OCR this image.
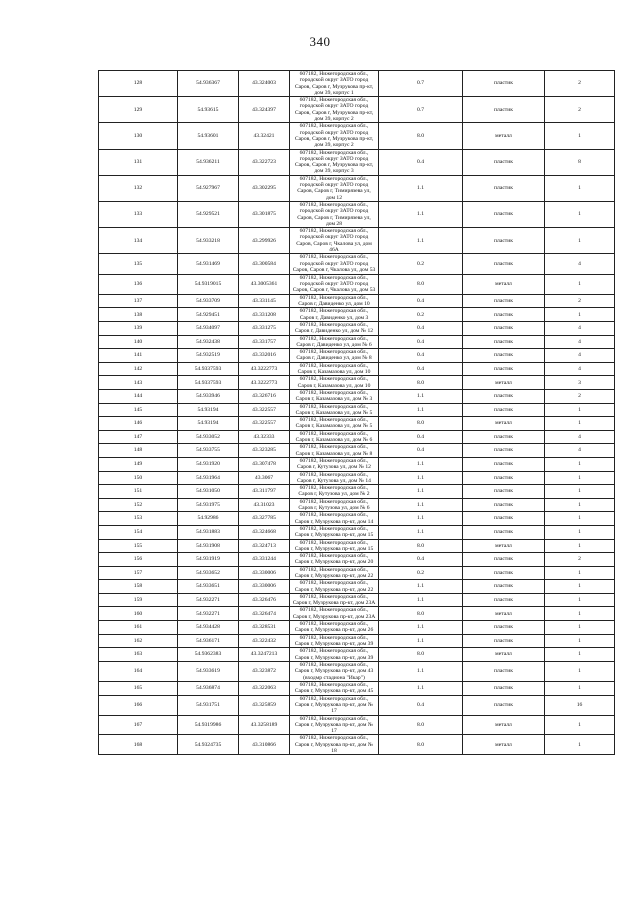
340
128	54.936367	43.324003	607182, Нижегородская обл., городской округ ЗАТО город Саров, Саров г, Музрукова пр-кт, дом 39, корпус 1	0.7	пластик	2
129	54.93615	43.324397	607182, Нижегородская обл., городской округ ЗАТО город Саров, Саров г, Музрукова пр-кт, дом 39, корпус 2	0.7	пластик	2
130	54.93601	43.32421	607182, Нижегородская обл., городской округ ЗАТО город Саров, Саров г, Музрукова пр-кт, дом 39, корпус 2	8.0	металл	1
131	54.936211	43.322723	607182, Нижегородская обл., городской округ ЗАТО город Саров, Саров г, Музрукова пр-кт, дом 39, корпус 3	0.4	пластик	8
132	54.927967	43.302295	607182, Нижегородская обл., городской округ ЗАТО город Саров, Саров г, Тимирязева ул, дом 12	1.1	пластик	1
133	54.929521	43.301875	607182, Нижегородская обл., городской округ ЗАТО город Саров, Саров г, Тимирязева ул, дом 28	1.1	пластик	1
134	54.933218	43.299926	607182, Нижегородская обл., городской округ ЗАТО город Саров, Саров г, Чкалова ул, дом 46А	1.1	пластик	1
135	54.931469	43.300584	607182, Нижегородская обл., городской округ ЗАТО город Саров, Саров г, Чкалова ул, дом 53	0.2	пластик	4
136	54.9319015	43.3005361	607182, Нижегородская обл., городской округ ЗАТО город Саров, Саров г, Чкалова ул, дом 53	8.0	металл	1
137	54.933709	43.331145	607182, Нижегородская обл., Саров г, Давиденко ул, дом 10	0.4	пластик	2
138	54.929451	43.331208	607182, Нижегородская обл., Саров г, Давиденко ул, дом 3	0.2	пластик	1
139	54.934097	43.331275	607182, Нижегородская обл., Саров г, Давиденко ул, дом № 12	0.4	пластик	4
140	54.932438	43.331757	607182, Нижегородская обл., Саров г, Давиденко ул, дом № 6	0.4	пластик	4
141	54.932519	43.332016	607182, Нижегородская обл., Саров г, Давиденко ул, дом № 8	0.4	пластик	4
142	54.9337593	43.3222773	607182, Нижегородская обл., Саров г, Казамазова ул, дом 10	0.4	пластик	4
143	54.9337593	43.3222773	607182, Нижегородская обл., Саров г, Казамазова ул, дом 10	8.0	металл	3
144	54.933946	43.326716	607182, Нижегородская обл., Саров г, Казамазова ул, дом № 3	1.1	пластик	2
145	54.93194	43.322557	607182, Нижегородская обл., Саров г, Казамазова ул, дом № 5	1.1	пластик	1
146	54.93194	43.322557	607182, Нижегородская обл., Саров г, Казамазова ул, дом № 5	8.0	металл	1
147	54.933052	43.32333	607182, Нижегородская обл., Саров г, Казамазова ул, дом № 6	0.4	пластик	4
148	54.933755	43.323285	607182, Нижегородская обл., Саров г, Казамазова ул, дом № 8	0.4	пластик	4
149	54.931920	43.307478	607182, Нижегородская обл., Саров г, Кутузова ул, дом № 12	1.1	пластик	1
150	54.931964	43.3067	607182, Нижегородская обл., Саров г, Кутузова ул, дом № 14	1.1	пластик	1
151	54.931050	43.311797	607182, Нижегородская обл., Саров г, Кутузова ул, дом № 2	1.1	пластик	1
152	54.931975	43.31023	607182, Нижегородская обл., Саров г, Кутузова ул, дом № 6	1.1	пластик	1
153	54.92986	43.327785	607182, Нижегородская обл., Саров г, Музрукова пр-кт, дом 14	1.1	пластик	1
154	54.931883	43.324668	607182, Нижегородская обл., Саров г, Музрукова пр-кт, дом 15	1.1	пластик	1
155	54.931908	43.324713	607182, Нижегородская обл., Саров г, Музрукова пр-кт, дом 15	8.0	металл	1
156	54.931919	43.331244	607182, Нижегородская обл., Саров г, Музрукова пр-кт, дом 20	0.4	пластик	2
157	54.933652	43.330006	607182, Нижегородская обл., Саров г, Музрукова пр-кт, дом 22	0.2	пластик	1
158	54.933651	43.330006	607182, Нижегородская обл., Саров г, Музрукова пр-кт, дом 22	1.1	пластик	1
159	54.932271	43.326476	607182, Нижегородская обл., Саров г, Музрукова пр-кт, дом 23А	1.1	пластик	1
160	54.932271	43.326474	607182, Нижегородская обл., Саров г, Музрукова пр-кт, дом 23А	8.0	металл	1
161	54.934428	43.328531	607182, Нижегородская обл., Саров г, Музрукова пр-кт, дом 26	1.1	пластик	1
162	54.936171	43.322432	607182, Нижегородская обл., Саров г, Музрукова пр-кт, дом 39	1.1	пластик	1
163	54.9362383	43.3247213	607182, Нижегородская обл., Саров г, Музрукова пр-кт, дом 39	8.0	металл	1
164	54.933619	43.323872	607182, Нижегородская обл., Саров г, Музрукова пр-кт, дом 43 (входмр стадиона "Икар")	1.1	пластик	1
165	54.936874	43.322063	607182, Нижегородская обл., Саров г, Музрукова пр-кт, дом 45	1.1	пластик	1
166	54.931751	43.325859	607182, Нижегородская обл., Саров г, Музрукова пр-кт, дом № 17	0.4	пластик	16
167	54.9319986	43.3258189	607182, Нижегородская обл., Саров г, Музрукова пр-кт, дом № 17	8.0	металл	1
168	54.9324735	43.310866	607182, Нижегородская обл., Саров г, Музрукова пр-кт, дом № 18	8.0	металл	1
